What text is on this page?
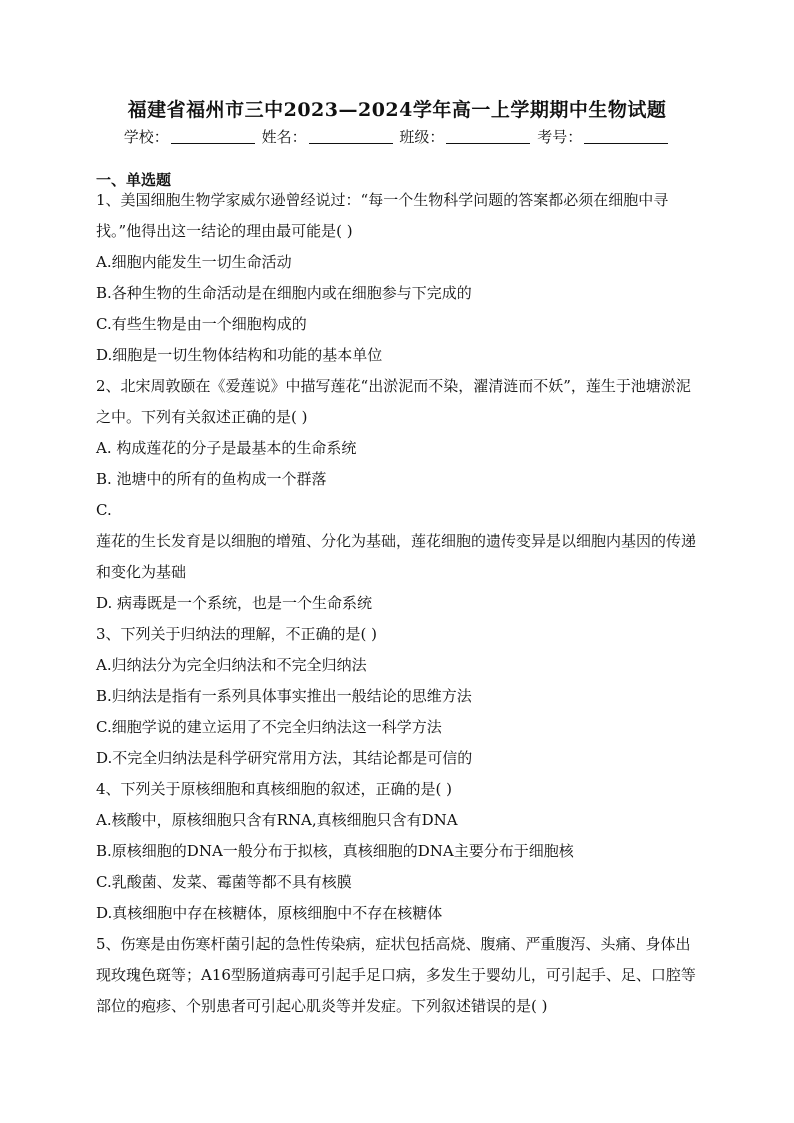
福建省福州市三中2023—2024学年高一上学期期中生物试题
学校：	姓名：	班级：	考号：
一、单选题
1、美国细胞生物学家威尔逊曾经说过：“每一个生物科学问题的答案都必须在细胞中寻找。”他得出这一结论的理由最可能是( )
A.细胞内能发生一切生命活动
B.各种生物的生命活动是在细胞内或在细胞参与下完成的
C.有些生物是由一个细胞构成的
D.细胞是一切生物体结构和功能的基本单位
2、北宋周敦颐在《爱莲说》中描写莲花“出淤泥而不染，濯清涟而不妖”，莲生于池塘淤泥之中。下列有关叙述正确的是( )
A. 构成莲花的分子是最基本的生命系统
B. 池塘中的所有的鱼构成一个群落
C.
莲花的生长发育是以细胞的增殖、分化为基础，莲花细胞的遗传变异是以细胞内基因的传递和变化为基础
D. 病毒既是一个系统，也是一个生命系统
3、下列关于归纳法的理解，不正确的是( )
A.归纳法分为完全归纳法和不完全归纳法
B.归纳法是指有一系列具体事实推出一般结论的思维方法
C.细胞学说的建立运用了不完全归纳法这一科学方法
D.不完全归纳法是科学研究常用方法，其结论都是可信的
4、下列关于原核细胞和真核细胞的叙述，正确的是( )
A.核酸中，原核细胞只含有RNA,真核细胞只含有DNA
B.原核细胞的DNA一般分布于拟核，真核细胞的DNA主要分布于细胞核
C.乳酸菌、发菜、霉菌等都不具有核膜
D.真核细胞中存在核糖体，原核细胞中不存在核糖体
5、伤寒是由伤寒杆菌引起的急性传染病，症状包括高烧、腹痛、严重腹泻、头痛、身体出现玫瑰色斑等；A16型肠道病毒可引起手足口病，多发生于婴幼儿，可引起手、足、口腔等部位的疱疹、个别患者可引起心肌炎等并发症。下列叙述错误的是( )
